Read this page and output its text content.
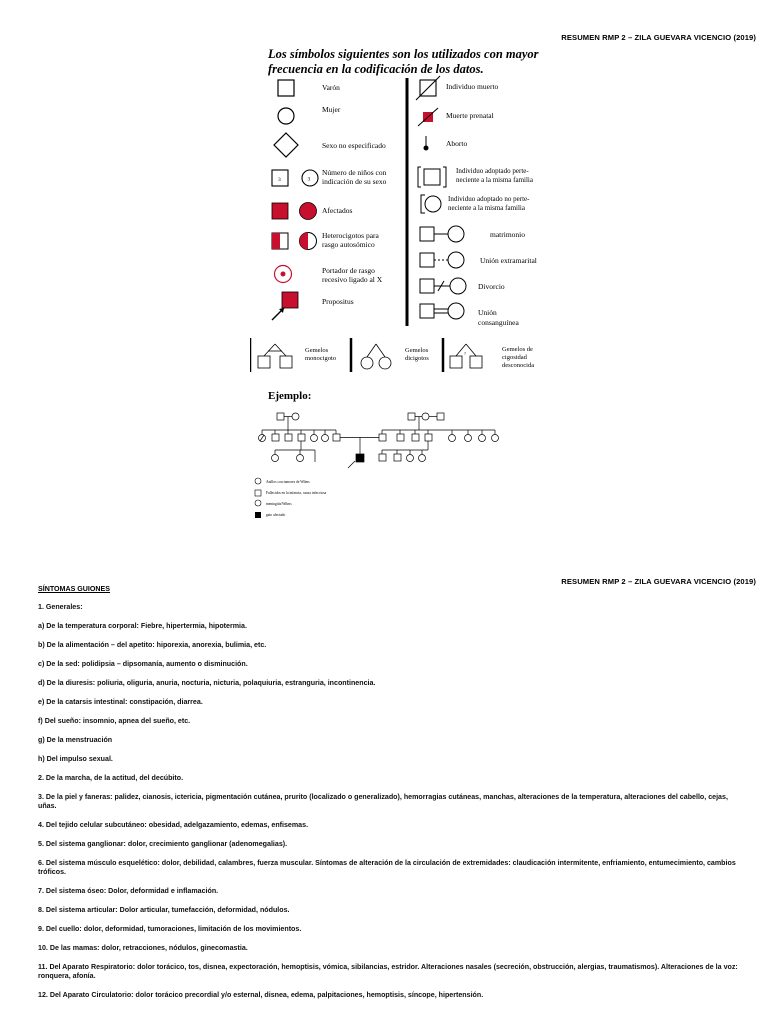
RESUMEN RMP 2 – ZILA GUEVARA VICENCIO (2019)
Los símbolos siguientes son los utilizados con mayor
frecuencia en la codificación de los datos.
Varón
Mujer
Sexo no especificado
3	3
Número de niños con
indicación de su sexo
Afectados
Heterocigotos para
rasgo autosómico
Portador de rasgo
recesivo ligado al X
Propositus
Individuo muerto
Muerte prenatal
Aborto
Individuo adoptado perte-
neciente a la misma familia
Individuo adoptado no perte-
neciente a la misma familia
matrimonio
Unión extramarital
Divorcio
Unión
consanguínea
Gemelos
monocigoto
Gemelos
dicigotos
?
Gemelos de
cigosidad
desconocida
Ejemplo:
Anillos con tumores de Wilms
Fallecidos en la infancia, causa infecciosa
meningitis/Wilms
gato afectado
RESUMEN RMP 2 – ZILA GUEVARA VICENCIO (2019)
SÍNTOMAS GUIONES

1. Generales:

a) De la temperatura corporal: Fiebre, hipertermia, hipotermia.

b) De la alimentación – del apetito: hiporexia, anorexia, bulimia, etc.

c) De la sed: polidipsia – dipsomanía, aumento o disminución.

d) De la diuresis: poliuria, oliguria, anuria, nocturia, nicturia, polaquiuria, estranguria, incontinencia.

e) De la catarsis intestinal: constipación, diarrea.

f) Del sueño: insomnio, apnea del sueño, etc.

g) De la menstruación

h) Del impulso sexual.

2. De la marcha, de la actitud, del decúbito.

3. De la piel y faneras: palidez, cianosis, ictericia, pigmentación cutánea, prurito (localizado o generalizado), hemorragias cutáneas, manchas, alteraciones de la temperatura, alteraciones del cabello, cejas, uñas.

4. Del tejido celular subcutáneo: obesidad, adelgazamiento, edemas, enfisemas.

5. Del sistema ganglionar: dolor, crecimiento ganglionar (adenomegalias).

6. Del sistema músculo esquelético: dolor, debilidad, calambres, fuerza muscular. Síntomas de alteración de la circulación de extremidades: claudicación intermitente, enfriamiento, entumecimiento, cambios tróficos.

7. Del sistema óseo: Dolor, deformidad e inflamación.

8. Del sistema articular: Dolor articular, tumefacción, deformidad, nódulos.

9. Del cuello: dolor, deformidad, tumoraciones, limitación de los movimientos.

10. De las mamas: dolor, retracciones, nódulos, ginecomastia.

11. Del Aparato Respiratorio: dolor torácico, tos, disnea, expectoración, hemoptisis, vómica, sibilancias, estridor. Alteraciones nasales (secreción, obstrucción, alergias, traumatismos). Alteraciones de la voz: ronquera, afonía.

12. Del Aparato Circulatorio: dolor torácico precordial y/o esternal, disnea, edema, palpitaciones, hemoptisis, síncope, hipertensión.
